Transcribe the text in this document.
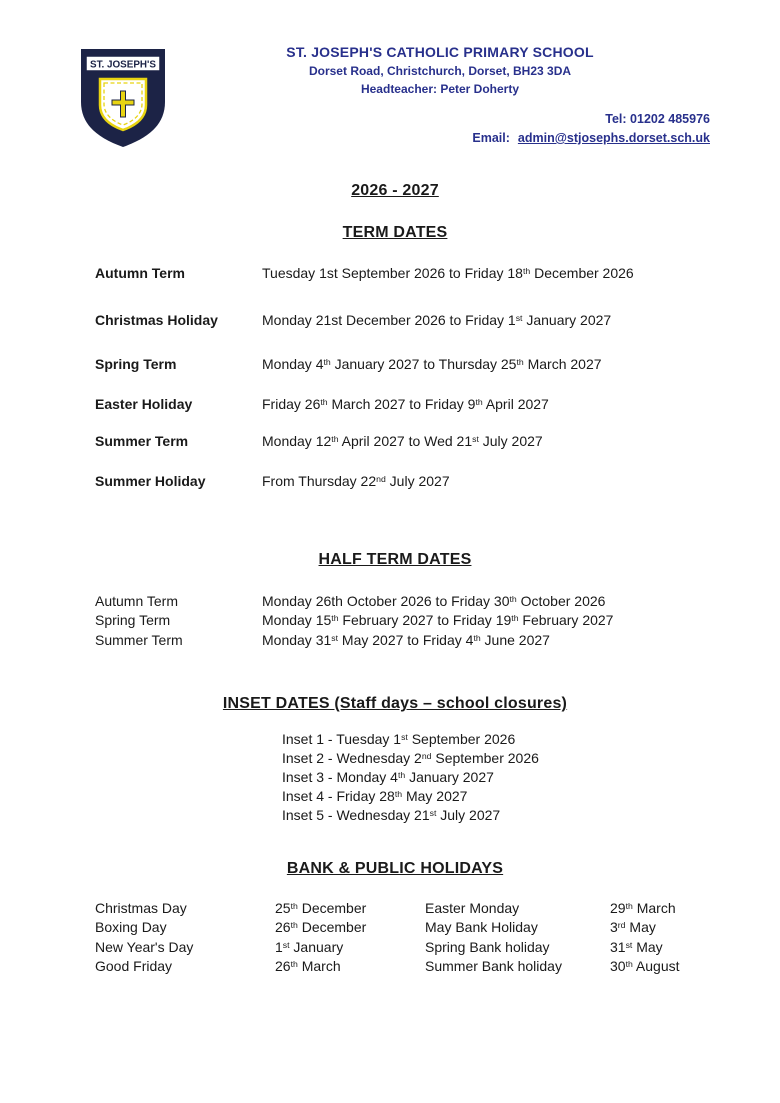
ST. JOSEPH'S
ST. JOSEPH'S CATHOLIC PRIMARY SCHOOL
Dorset Road, Christchurch, Dorset, BH23 3DA
Headteacher: Peter Doherty
Tel: 01202 485976
Email: admin@stjosephs.dorset.sch.uk
2026 - 2027
TERM DATES
HALF TERM DATES
INSET DATES (Staff days – school closures)
BANK & PUBLIC HOLIDAYS
Autumn Term	Tuesday 1st September 2026 to Friday 18th December 2026
Christmas Holiday	Monday 21st December 2026 to Friday 1st January 2027
Spring Term	Monday 4th January 2027 to Thursday 25th March 2027
Easter Holiday	Friday 26th March 2027 to Friday 9th April 2027
Summer Term	Monday 12th April 2027 to Wed 21st July 2027
Summer Holiday	From Thursday 22nd July 2027
Autumn Term	Monday 26th October 2026 to Friday 30th October 2026
Spring Term	Monday 15th February 2027 to Friday 19th February 2027
Summer Term	Monday 31st May 2027 to Friday 4th June 2027
Inset 1 - Tuesday 1st September 2026
Inset 2 - Wednesday 2nd September 2026
Inset 3 - Monday 4th January 2027
Inset 4 - Friday 28th May 2027
Inset 5 - Wednesday 21st July 2027
Christmas Day	25th December	Easter Monday	29th March
Boxing Day	26th December	May Bank Holiday	3rd May
New Year's Day	1st January	Spring Bank holiday	31st May
Good Friday	26th March	Summer Bank holiday	30th August
